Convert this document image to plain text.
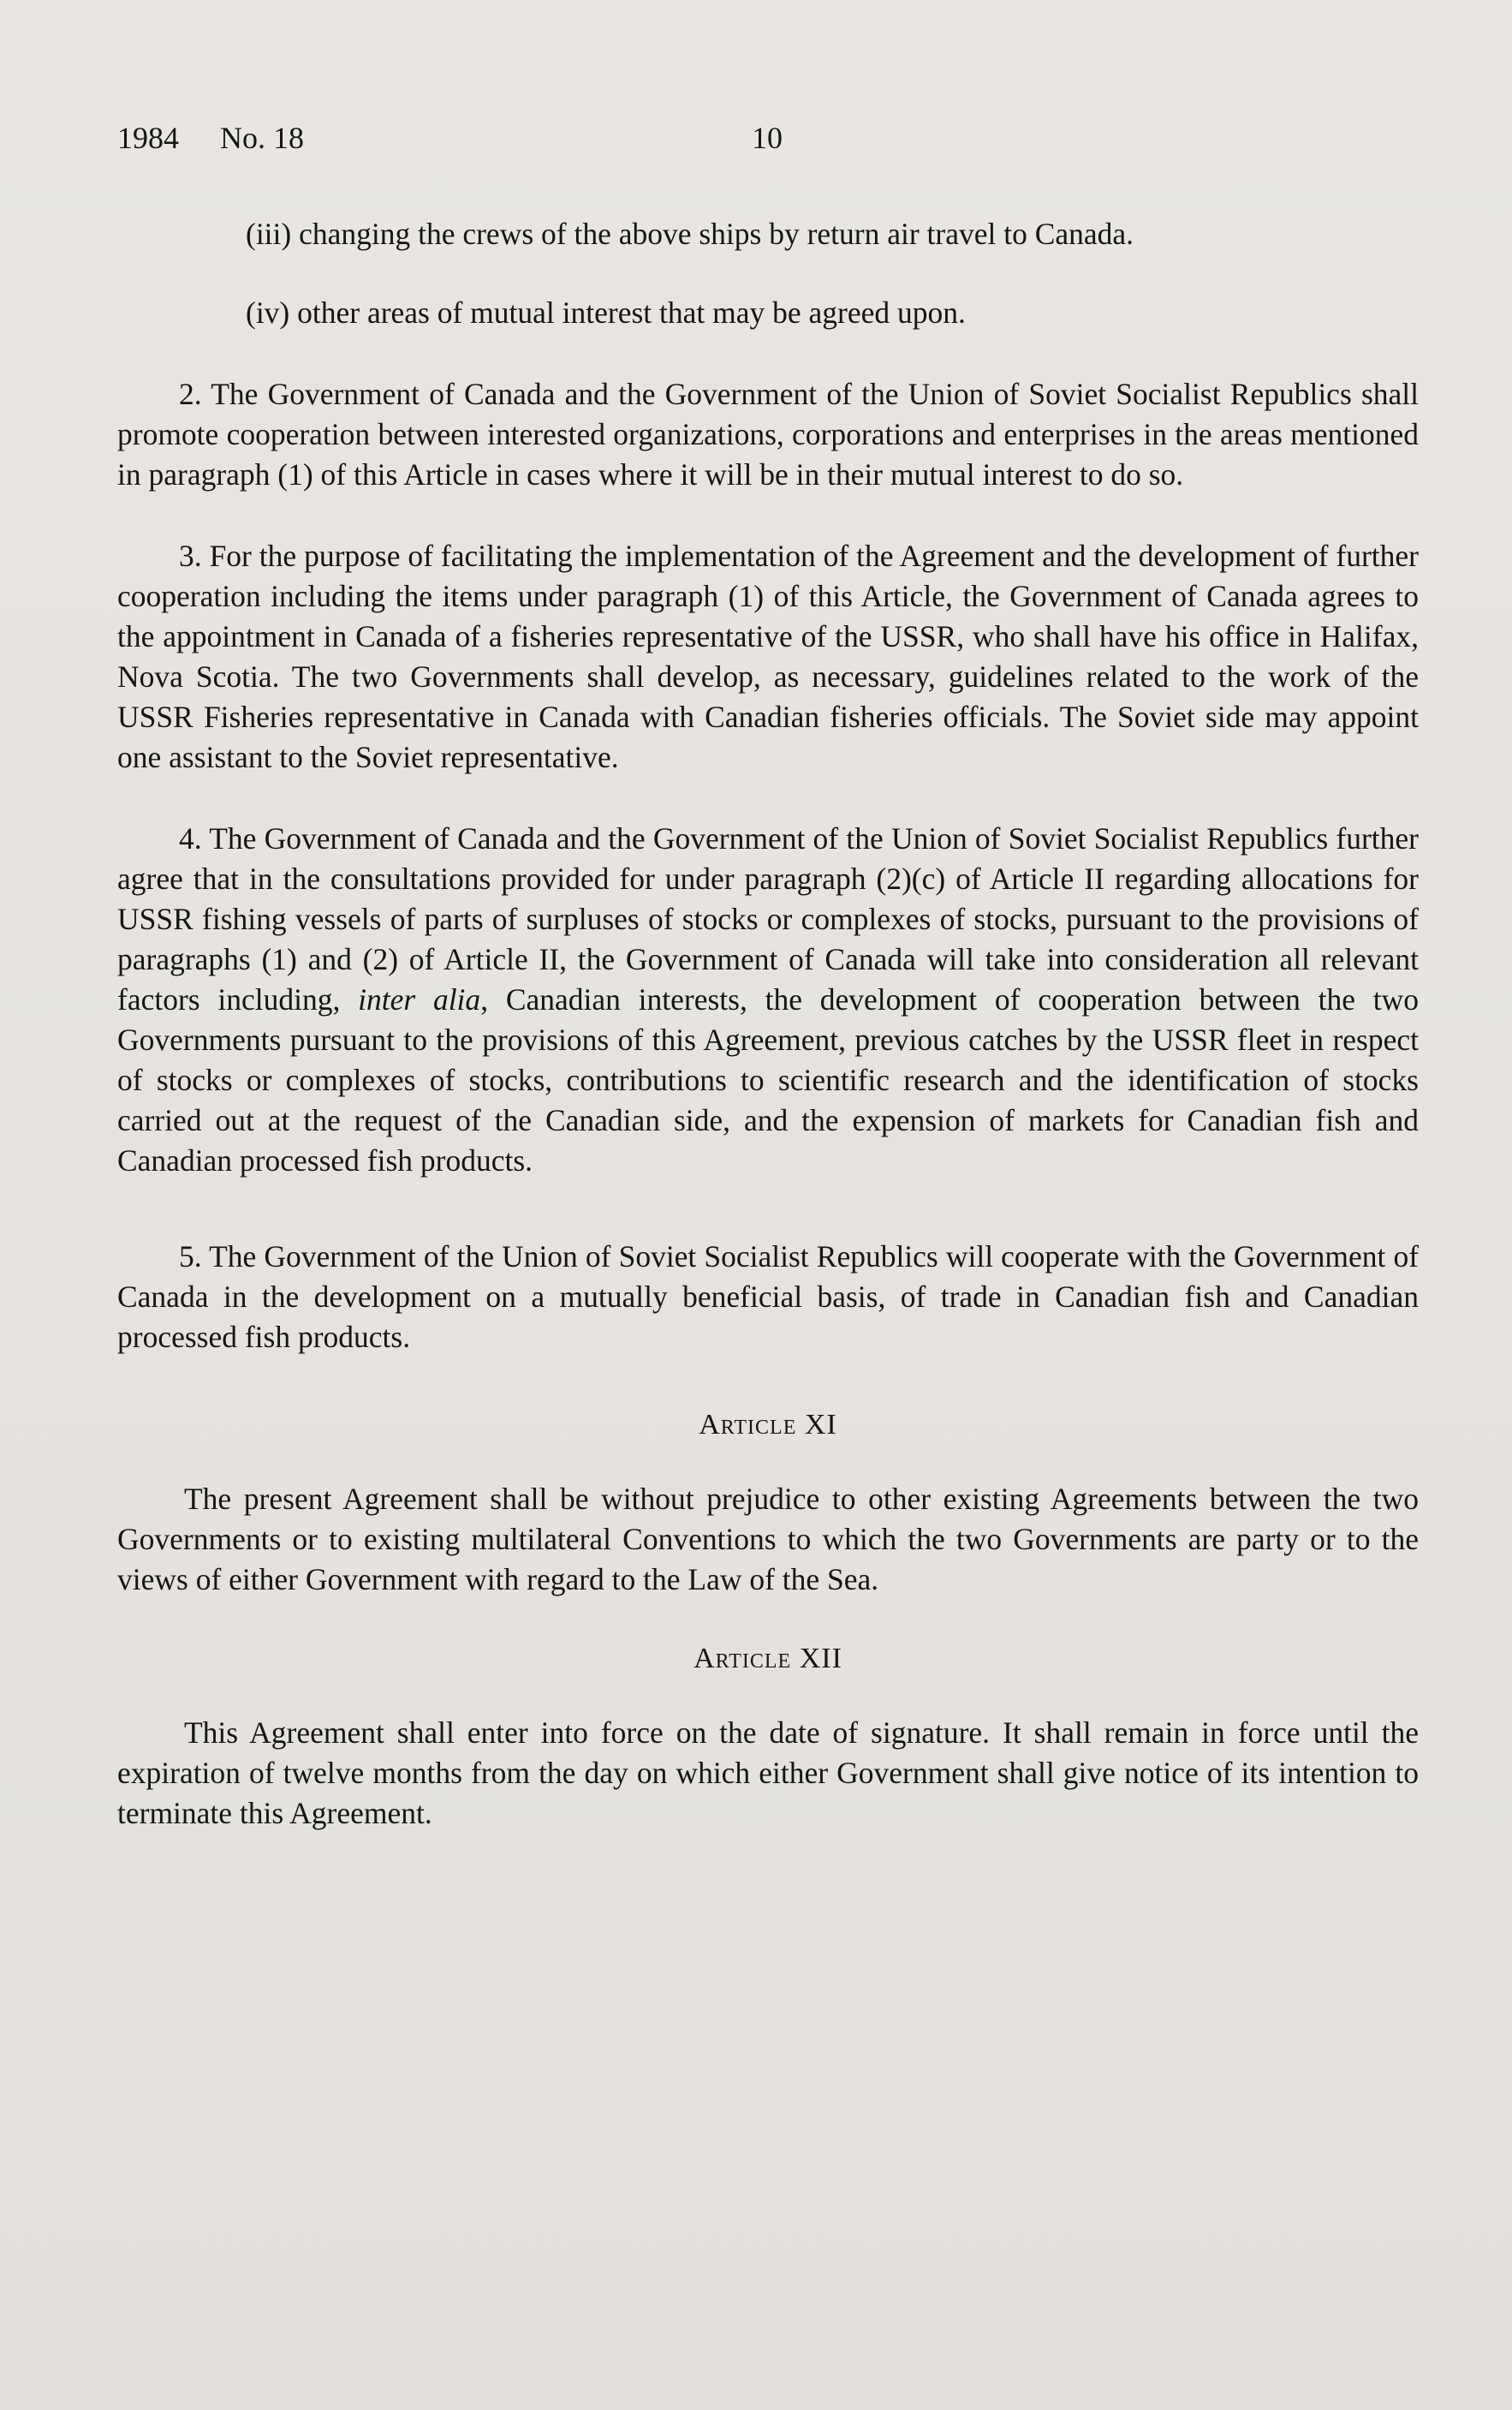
1984 No. 18	10

(iii) changing the crews of the above ships by return air travel to Canada.

(iv) other areas of mutual interest that may be agreed upon.

2. The Government of Canada and the Government of the Union of Soviet Socialist Republics shall promote cooperation between interested organizations, corporations and enterprises in the areas mentioned in paragraph (1) of this Article in cases where it will be in their mutual interest to do so.

3. For the purpose of facilitating the implementation of the Agreement and the development of further cooperation including the items under paragraph (1) of this Article, the Government of Canada agrees to the appointment in Canada of a fisheries representative of the USSR, who shall have his office in Halifax, Nova Scotia. The two Governments shall develop, as necessary, guidelines related to the work of the USSR Fisheries representative in Canada with Canadian fisheries officials. The Soviet side may appoint one assistant to the Soviet representative.

4. The Government of Canada and the Government of the Union of Soviet Socialist Republics further agree that in the consultations provided for under paragraph (2)(c) of Article II regarding allocations for USSR fishing vessels of parts of surpluses of stocks or complexes of stocks, pursuant to the provisions of paragraphs (1) and (2) of Article II, the Government of Canada will take into consideration all relevant factors including, inter alia, Canadian interests, the development of cooperation between the two Governments pursuant to the provisions of this Agreement, previous catches by the USSR fleet in respect of stocks or complexes of stocks, contributions to scientific research and the identification of stocks carried out at the request of the Canadian side, and the expension of markets for Canadian fish and Canadian processed fish products.

5. The Government of the Union of Soviet Socialist Republics will cooperate with the Government of Canada in the development on a mutually beneficial basis, of trade in Canadian fish and Canadian processed fish products.

Article XI

The present Agreement shall be without prejudice to other existing Agreements between the two Governments or to existing multilateral Conventions to which the two Governments are party or to the views of either Government with regard to the Law of the Sea.

Article XII

This Agreement shall enter into force on the date of signature. It shall remain in force until the expiration of twelve months from the day on which either Government shall give notice of its intention to terminate this Agreement.
